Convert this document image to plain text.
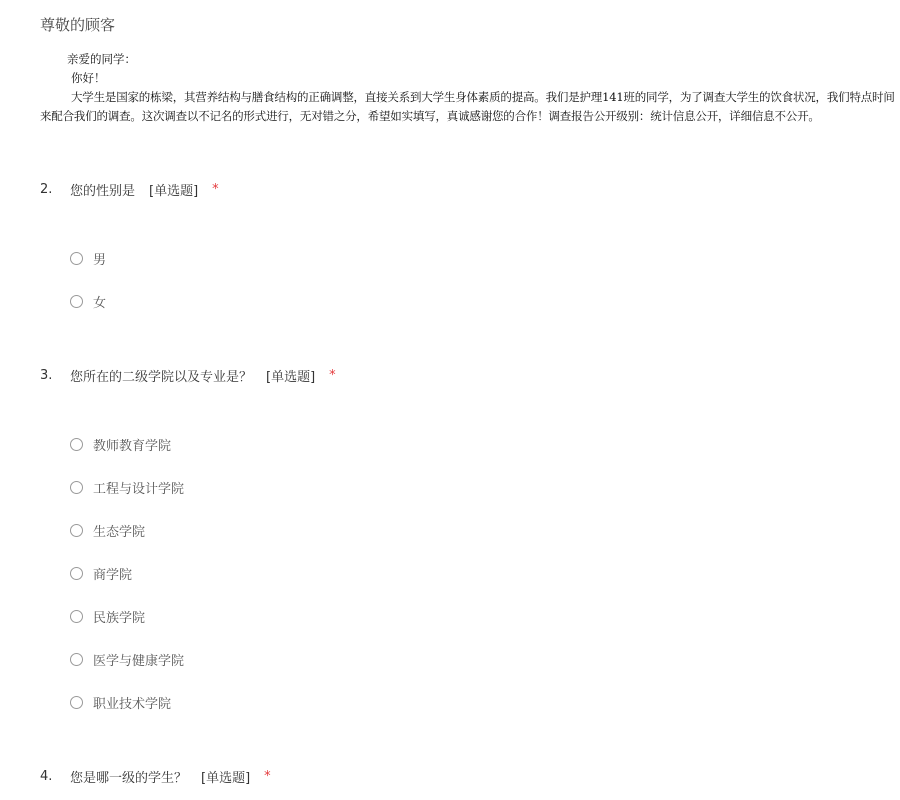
尊敬的顾客
亲爱的同学：
你好！
大学生是国家的栋梁，其营养结构与膳食结构的正确调整，直接关系到大学生身体素质的提高。我们是护理141班的同学，为了调查大学生的饮食状况，我们特点时间来配合我们的调查。这次调查以不记名的形式进行，无对错之分，希望如实填写，真诚感谢您的合作！调查报告公开级别：统计信息公开，详细信息不公开。
2.	您的性别是 [单选题] *
男
女
3.	您所在的二级学院以及专业是？ [单选题] *
教师教育学院
工程与设计学院
生态学院
商学院
民族学院
医学与健康学院
职业技术学院
4.	您是哪一级的学生？ [单选题] *
